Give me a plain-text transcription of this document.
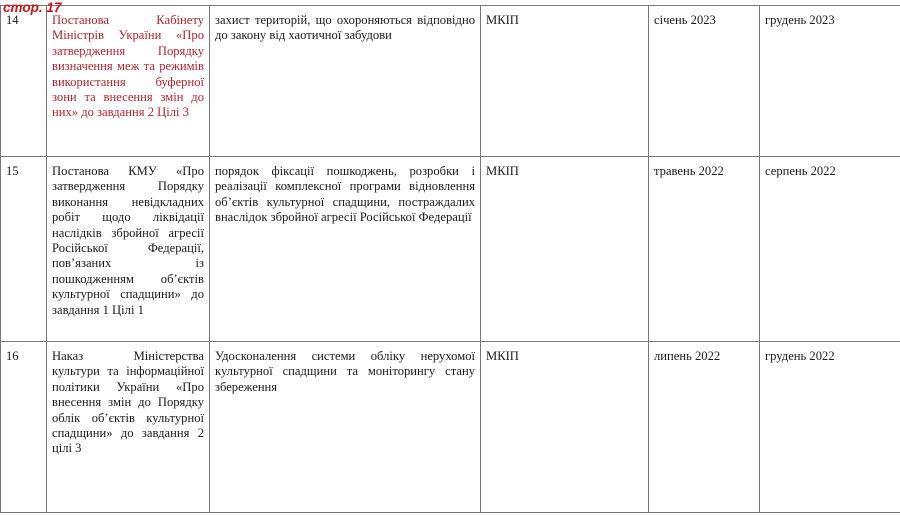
стор. 17
14	Постанова Кабінету Міністрів України «Про затвердження Порядку визначення меж та режимів використання буферної зони та внесення змін до них» до завдання 2 Цілі 3	захист територій, що охороняються відповідно до закону від хаотичної забудови	МКІП	січень 2023	грудень 2023
15	Постанова КМУ «Про затвердження Порядку виконання невідкладних робіт щодо ліквідації наслідків збройної агресії Російської Федерації, пов’язаних із пошкодженням об’єктів культурної спадщини» до завдання 1 Цілі 1	порядок фіксації пошкоджень, розробки і реалізації комплексної програми відновлення об’єктів культурної спадщини, постраждалих внаслідок збройної агресії Російської Федерації	МКІП	травень 2022	серпень 2022
16	Наказ Міністерства культури та інформаційної політики України «Про внесення змін до Порядку облік об’єктів культурної спадщини» до завдання 2 цілі 3	Удосконалення системи обліку нерухомої культурної спадщини та моніторингу стану збереження	МКІП	липень 2022	грудень 2022
